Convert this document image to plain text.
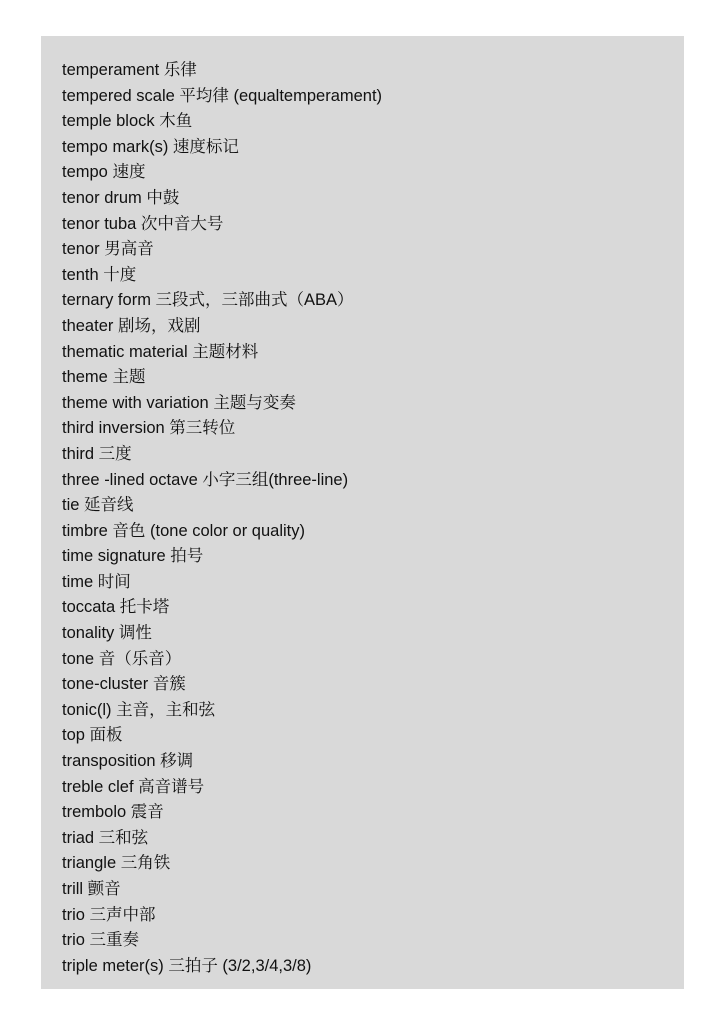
temperament 乐律
tempered scale 平均律 (equaltemperament)
temple block 木鱼
tempo mark(s) 速度标记
tempo 速度
tenor drum 中鼓
tenor tuba 次中音大号
tenor 男高音
tenth 十度
ternary form 三段式，三部曲式（ABA）
theater 剧场，戏剧
thematic material 主题材料
theme 主题
theme with variation 主题与变奏
third inversion 第三转位
third 三度
three -lined octave 小字三组(three-line)
tie 延音线
timbre 音色 (tone color or quality)
time signature 拍号
time 时间
toccata 托卡塔
tonality 调性
tone 音（乐音）
tone-cluster 音簇
tonic(l) 主音，主和弦
top 面板
transposition 移调
treble clef 高音谱号
trembolo 震音
triad 三和弦
triangle 三角铁
trill 颤音
trio 三声中部
trio 三重奏
triple meter(s) 三拍子 (3/2,3/4,3/8)
